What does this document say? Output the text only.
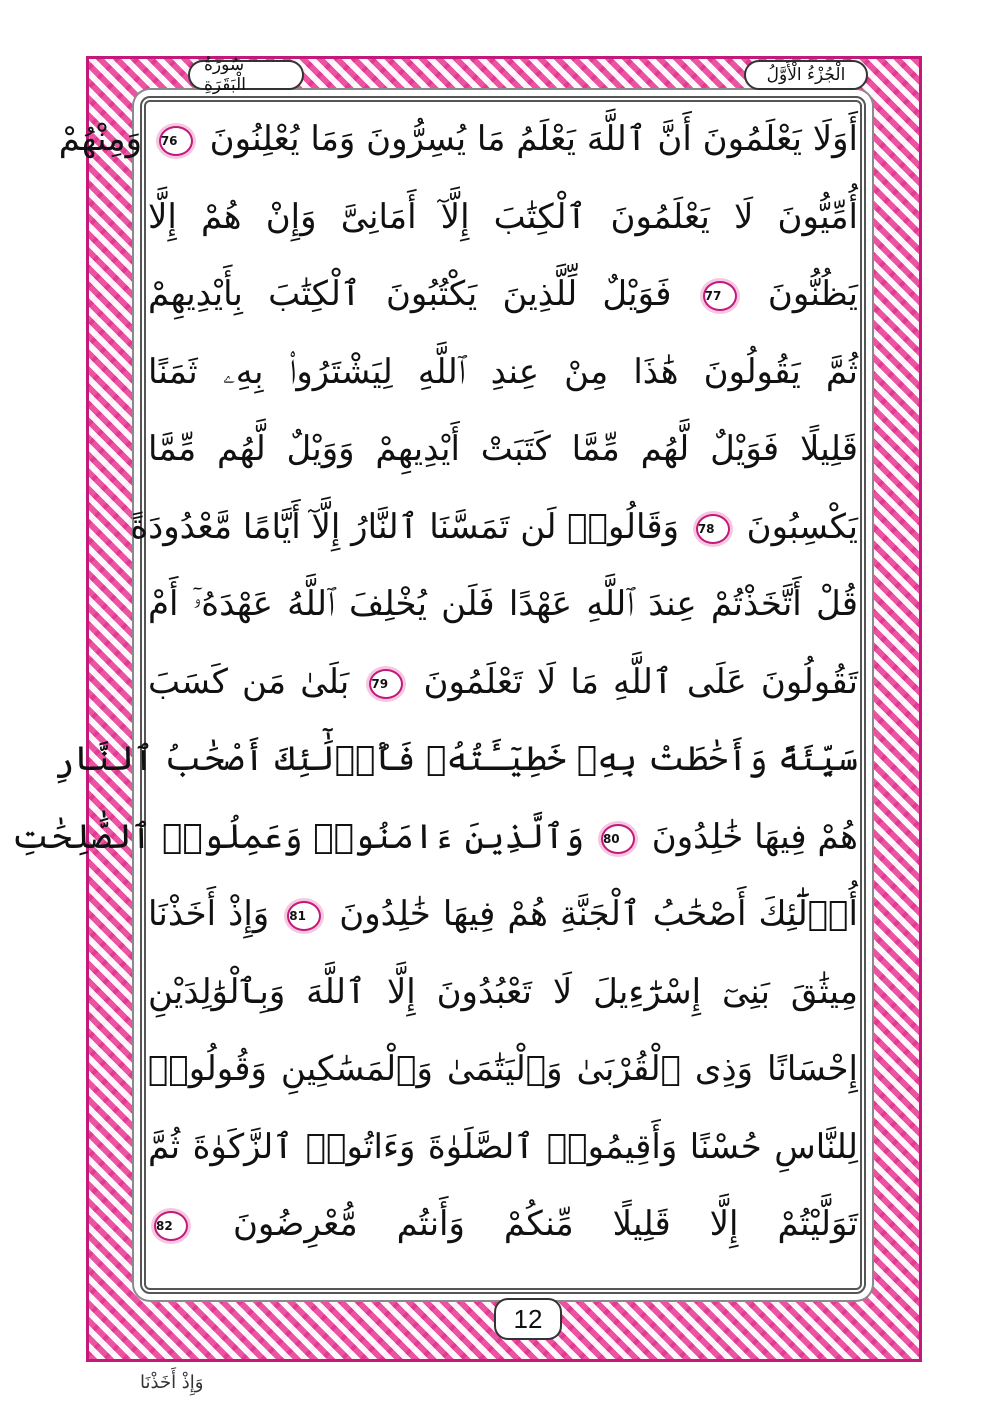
الْجُزْءُ الْأَوَّلُ
سُورَةُ الْبَقَرَةِ
أَوَلَا يَعْلَمُونَ أَنَّ ٱللَّهَ يَعْلَمُ مَا يُسِرُّونَ وَمَا يُعْلِنُونَ 76 وَمِنْهُمْ
أُمِّيُّونَ لَا يَعْلَمُونَ ٱلْكِتَٰبَ إِلَّآ أَمَانِىَّ وَإِنْ هُمْ إِلَّا
يَظُنُّونَ 77 فَوَيْلٌ لِّلَّذِينَ يَكْتُبُونَ ٱلْكِتَٰبَ بِأَيْدِيهِمْ
ثُمَّ يَقُولُونَ هَٰذَا مِنْ عِندِ ٱللَّهِ لِيَشْتَرُوا۟ بِهِۦ ثَمَنًا
قَلِيلًا فَوَيْلٌ لَّهُم مِّمَّا كَتَبَتْ أَيْدِيهِمْ وَوَيْلٌ لَّهُم مِّمَّا
يَكْسِبُونَ 78 وَقَالُوا۟ لَن تَمَسَّنَا ٱلنَّارُ إِلَّآ أَيَّامًا مَّعْدُودَةً
قُلْ أَتَّخَذْتُمْ عِندَ ٱللَّهِ عَهْدًا فَلَن يُخْلِفَ ٱللَّهُ عَهْدَهُۥٓ أَمْ
تَقُولُونَ عَلَى ٱللَّهِ مَا لَا تَعْلَمُونَ 79 بَلَىٰ مَن كَسَبَ
سَيِّئَةً وَأَحَٰطَتْ بِهِۦ خَطِيٓـَٔتُهُۥ فَأُو۟لَٰٓئِكَ أَصْحَٰبُ ٱلنَّارِ
هُمْ فِيهَا خَٰلِدُونَ 80 وَٱلَّذِينَ ءَامَنُوا۟ وَعَمِلُوا۟ ٱلصَّٰلِحَٰتِ
أُو۟لَٰٓئِكَ أَصْحَٰبُ ٱلْجَنَّةِ هُمْ فِيهَا خَٰلِدُونَ 81 وَإِذْ أَخَذْنَا
مِيثَٰقَ بَنِىٓ إِسْرَٰٓءِيلَ لَا تَعْبُدُونَ إِلَّا ٱللَّهَ وَبِٱلْوَٰلِدَيْنِ
إِحْسَانًا وَذِى ٱلْقُرْبَىٰ وَٱلْيَتَٰمَىٰ وَٱلْمَسَٰكِينِ وَقُولُوا۟
لِلنَّاسِ حُسْنًا وَأَقِيمُوا۟ ٱلصَّلَوٰةَ وَءَاتُوا۟ ٱلزَّكَوٰةَ ثُمَّ
تَوَلَّيْتُمْ إِلَّا قَلِيلًا مِّنكُمْ وَأَنتُم مُّعْرِضُونَ 82
12
وَإِذْ أَخَذْنَا
